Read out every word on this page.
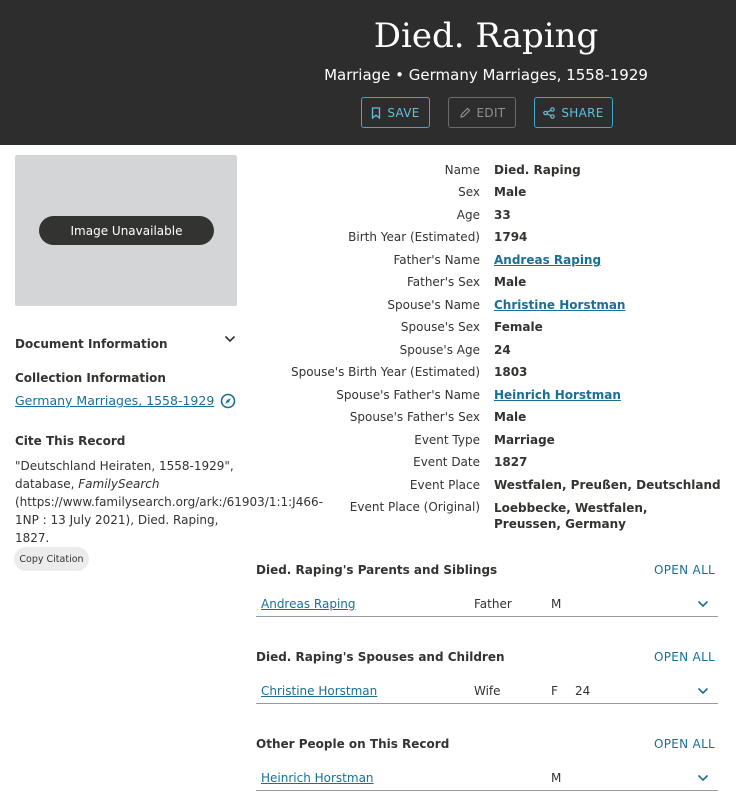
Died. Raping
Marriage • Germany Marriages, 1558-1929
SAVE	EDIT	SHARE
Image Unavailable
Document Information
Collection Information
Germany Marriages, 1558-1929
Cite This Record
"Deutschland Heiraten, 1558-1929", database, FamilySearch (https://www.familysearch.org/ark:/61903/1:1:J466-1NP : 13 July 2021), Died. Raping, 1827.
Copy Citation
Name Died. Raping
Sex Male
Age 33
Birth Year (Estimated) 1794
Father's Name Andreas Raping
Father's Sex Male
Spouse's Name Christine Horstman
Spouse's Sex Female
Spouse's Age 24
Spouse's Birth Year (Estimated) 1803
Spouse's Father's Name Heinrich Horstman
Spouse's Father's Sex Male
Event Type Marriage
Event Date 1827
Event Place Westfalen, Preußen, Deutschland
Event Place (Original) Loebbecke, Westfalen, Preussen, Germany
Died. Raping's Parents and Siblings	OPEN ALL
Andreas Raping	Father	M
Died. Raping's Spouses and Children	OPEN ALL
Christine Horstman	Wife	F 24
Other People on This Record	OPEN ALL
Heinrich Horstman	M
